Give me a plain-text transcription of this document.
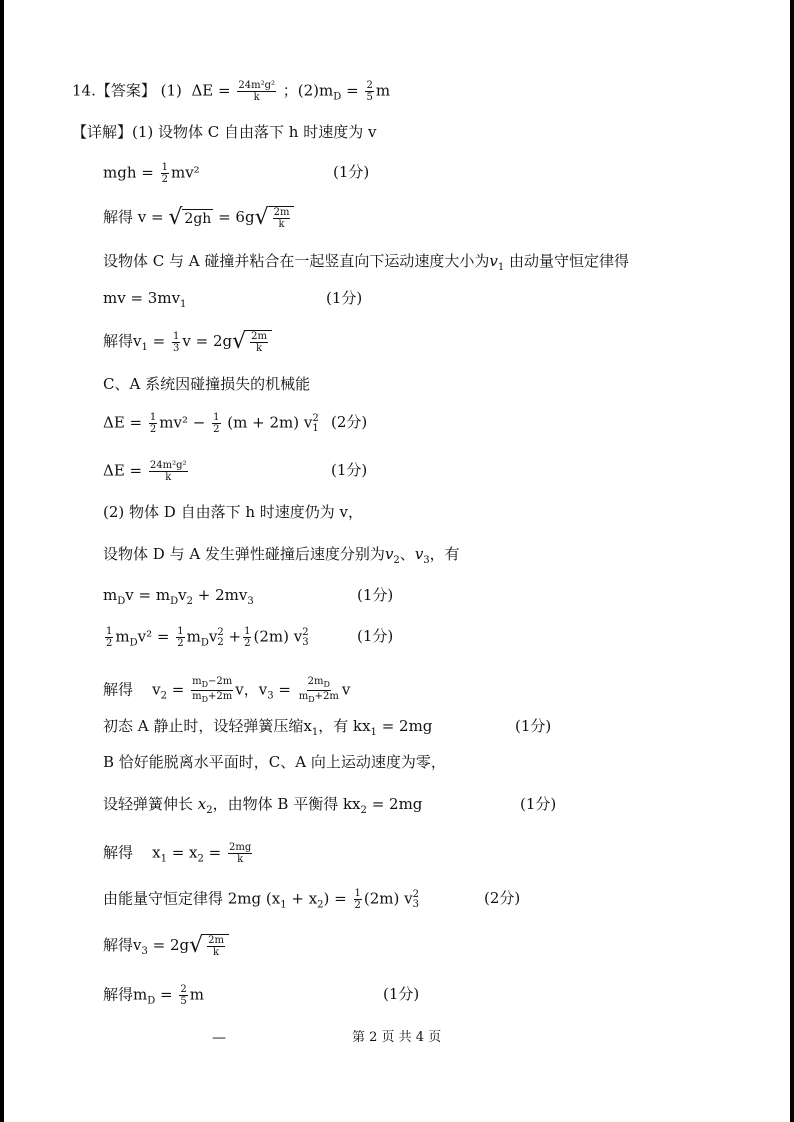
14.【答案】 (1) $\Delta E = \frac{\text{24m²g²}}{k}$ ；$(2)m_D = \frac{2}{5}$ m
【详解】(1) 设物体 C 自由落下 h 时速度为 v
mgh = $\frac{1}{2} mv^2$	(1分)
解得 v = √ 2gh = 6g √ $\frac{2m}{k}$
设物体 C 与 A 碰撞并粘合在一起竖直向下运动速度大小为$v_1$ 由动量守恒定律得
mv = $3mv_1$	(1分)
解得$v_1 = \frac{1}{3}$ v = 2g √ $\frac{2m}{k}$
C、A 系统因碰撞损失的机械能
$\Delta E = \frac{1}{2} mv^2 - \frac{1}{2} (m + 2m)$ v 2
1 (2分)
$\Delta E = \frac{\text{24m²g²}}{k}$	(1分)
(2) 物体 D 自由落下 h 时速度仍为 v，
设物体 D 与 A 发生弹性碰撞后速度分别为$v_2$、$v_3$，有
$m_Dv = m_Dv_2 + 2mv_3$	(1分)
$\frac{1}{2} m_Dv^2 = \frac{1}{2} m_Dv$ 2
$2 + \frac{1}{2} (2m)$ v 2
3	(1分)
解得 $v_2 = \frac{m_D-2m}{m_D+2m}$ v，$v_3 = \frac{2m_D}{m_D+2m}$ v
初态 A 静止时，设轻弹簧压缩$x_1$，有 $kx_1 = 2mg$	(1分)
B 恰好能脱离水平面时，C、A 向上运动速度为零，
设轻弹簧伸长 $x_2$，由物体 B 平衡得 $kx_2 = 2mg$	(1分)
解得 $x_1 = x_2 = \frac{2mg}{k}$
由能量守恒定律得 2mg $(x_1 + x_2) = \frac{1}{2} (2m)$ v 2
3	(2分)
解得$v_3 = 2g$ √ $\frac{2m}{k}$
解得$m_D = \frac{2}{5}$ m	(1分)
—	第 2 页 共 4 页
